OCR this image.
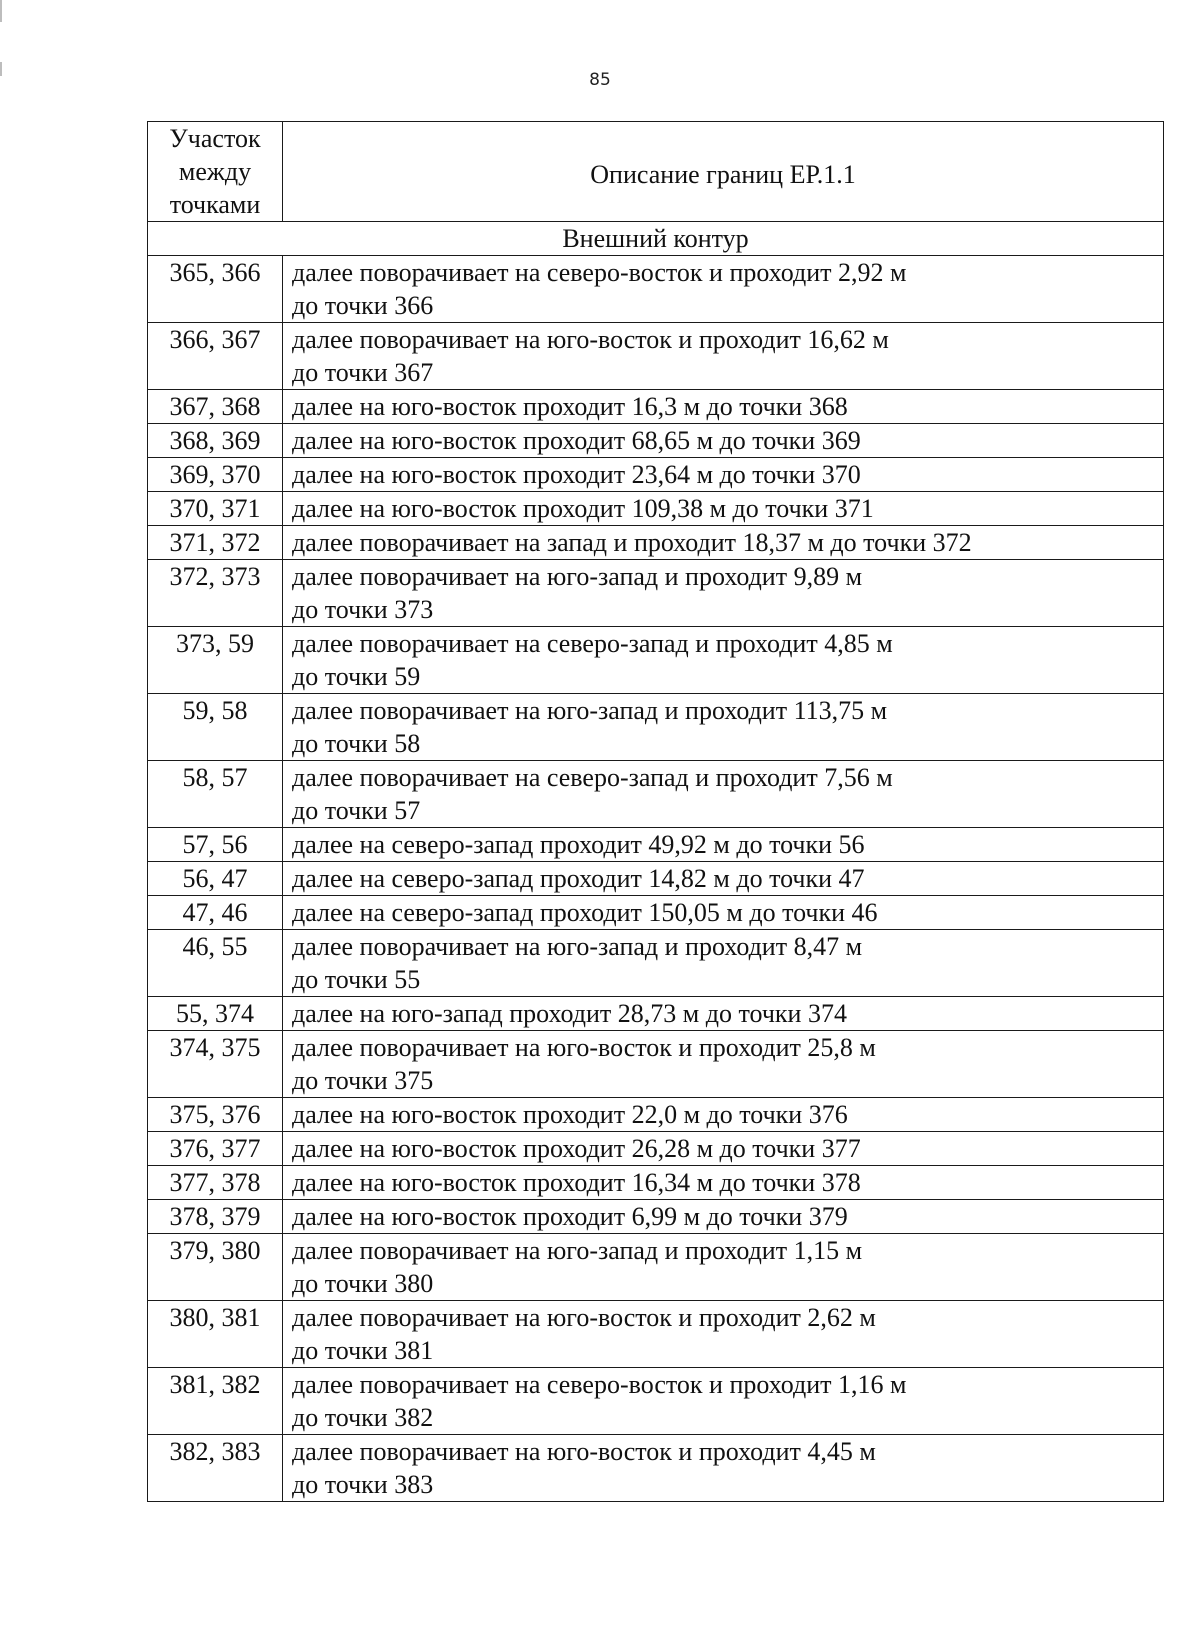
85
Участок
между
точками	Описание границ ЕР.1.1
Внешний контур	
365, 366	далее поворачивает на северо-восток и проходит 2,92 м
до точки 366

366, 367	далее поворачивает на юго-восток и проходит 16,62 м
до точки 367

367, 368	далее на юго-восток проходит 16,3 м до точки 368

368, 369	далее на юго-восток проходит 68,65 м до точки 369

369, 370	далее на юго-восток проходит 23,64 м до точки 370

370, 371	далее на юго-восток проходит 109,38 м до точки 371

371, 372	далее поворачивает на запад и проходит 18,37 м до точки 372

372, 373	далее поворачивает на юго-запад и проходит 9,89 м
до точки 373

373, 59	далее поворачивает на северо-запад и проходит 4,85 м
до точки 59

59, 58	далее поворачивает на юго-запад и проходит 113,75 м
до точки 58

58, 57	далее поворачивает на северо-запад и проходит 7,56 м
до точки 57

57, 56	далее на северо-запад проходит 49,92 м до точки 56

56, 47	далее на северо-запад проходит 14,82 м до точки 47

47, 46	далее на северо-запад проходит 150,05 м до точки 46

46, 55	далее поворачивает на юго-запад и проходит 8,47 м
до точки 55

55, 374	далее на юго-запад проходит 28,73 м до точки 374

374, 375	далее поворачивает на юго-восток и проходит 25,8 м
до точки 375

375, 376	далее на юго-восток проходит 22,0 м до точки 376

376, 377	далее на юго-восток проходит 26,28 м до точки 377

377, 378	далее на юго-восток проходит 16,34 м до точки 378

378, 379	далее на юго-восток проходит 6,99 м до точки 379

379, 380	далее поворачивает на юго-запад и проходит 1,15 м
до точки 380

380, 381	далее поворачивает на юго-восток и проходит 2,62 м
до точки 381

381, 382	далее поворачивает на северо-восток и проходит 1,16 м
до точки 382

382, 383	далее поворачивает на юго-восток и проходит 4,45 м
до точки 383
